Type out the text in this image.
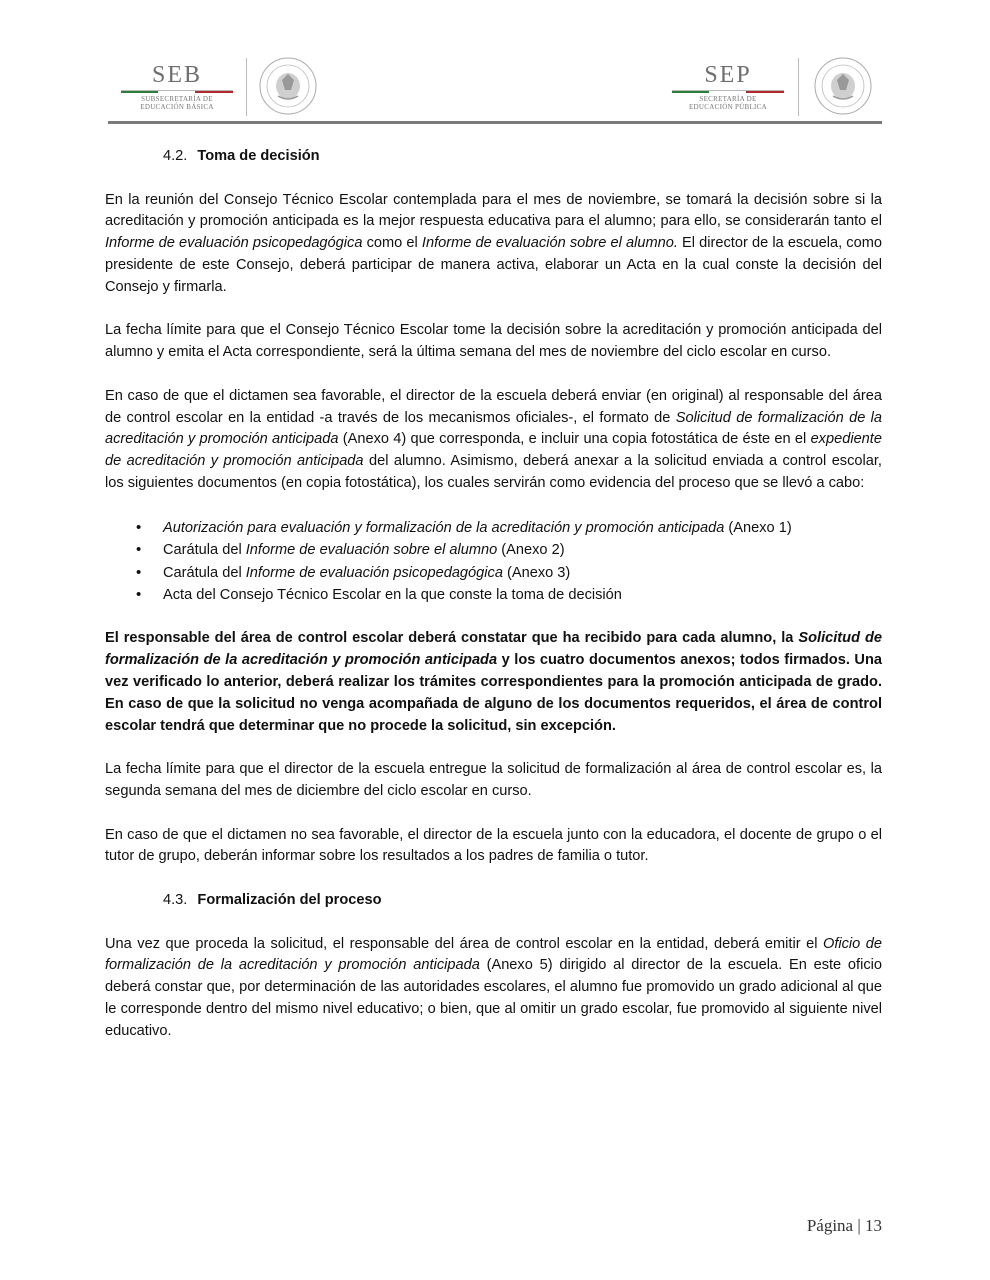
SEB
SUBSECRETARÍA DE
EDUCACIÓN BÁSICA
SEP
SECRETARÍA DE
EDUCACIÓN PÚBLICA
4.2. Toma de decisión

En la reunión del Consejo Técnico Escolar contemplada para el mes de noviembre, se tomará la decisión sobre si la acreditación y promoción anticipada es la mejor respuesta educativa para el alumno; para ello, se considerarán tanto el Informe de evaluación psicopedagógica como el Informe de evaluación sobre el alumno. El director de la escuela, como presidente de este Consejo, deberá participar de manera activa, elaborar un Acta en la cual conste la decisión del Consejo y firmarla.

La fecha límite para que el Consejo Técnico Escolar tome la decisión sobre la acreditación y promoción anticipada del alumno y emita el Acta correspondiente, será la última semana del mes de noviembre del ciclo escolar en curso.

En caso de que el dictamen sea favorable, el director de la escuela deberá enviar (en original) al responsable del área de control escolar en la entidad -a través de los mecanismos oficiales-, el formato de Solicitud de formalización de la acreditación y promoción anticipada (Anexo 4) que corresponda, e incluir una copia fotostática de éste en el expediente de acreditación y promoción anticipada del alumno. Asimismo, deberá anexar a la solicitud enviada a control escolar, los siguientes documentos (en copia fotostática), los cuales servirán como evidencia del proceso que se llevó a cabo:

• Autorización para evaluación y formalización de la acreditación y promoción anticipada (Anexo 1)
• Carátula del Informe de evaluación sobre el alumno (Anexo 2)
• Carátula del Informe de evaluación psicopedagógica (Anexo 3)
• Acta del Consejo Técnico Escolar en la que conste la toma de decisión

El responsable del área de control escolar deberá constatar que ha recibido para cada alumno, la Solicitud de formalización de la acreditación y promoción anticipada y los cuatro documentos anexos; todos firmados. Una vez verificado lo anterior, deberá realizar los trámites correspondientes para la promoción anticipada de grado. En caso de que la solicitud no venga acompañada de alguno de los documentos requeridos, el área de control escolar tendrá que determinar que no procede la solicitud, sin excepción.

La fecha límite para que el director de la escuela entregue la solicitud de formalización al área de control escolar es, la segunda semana del mes de diciembre del ciclo escolar en curso.

En caso de que el dictamen no sea favorable, el director de la escuela junto con la educadora, el docente de grupo o el tutor de grupo, deberán informar sobre los resultados a los padres de familia o tutor.

4.3. Formalización del proceso

Una vez que proceda la solicitud, el responsable del área de control escolar en la entidad, deberá emitir el Oficio de formalización de la acreditación y promoción anticipada (Anexo 5) dirigido al director de la escuela. En este oficio deberá constar que, por determinación de las autoridades escolares, el alumno fue promovido un grado adicional al que le corresponde dentro del mismo nivel educativo; o bien, que al omitir un grado escolar, fue promovido al siguiente nivel educativo.

Página | 13
